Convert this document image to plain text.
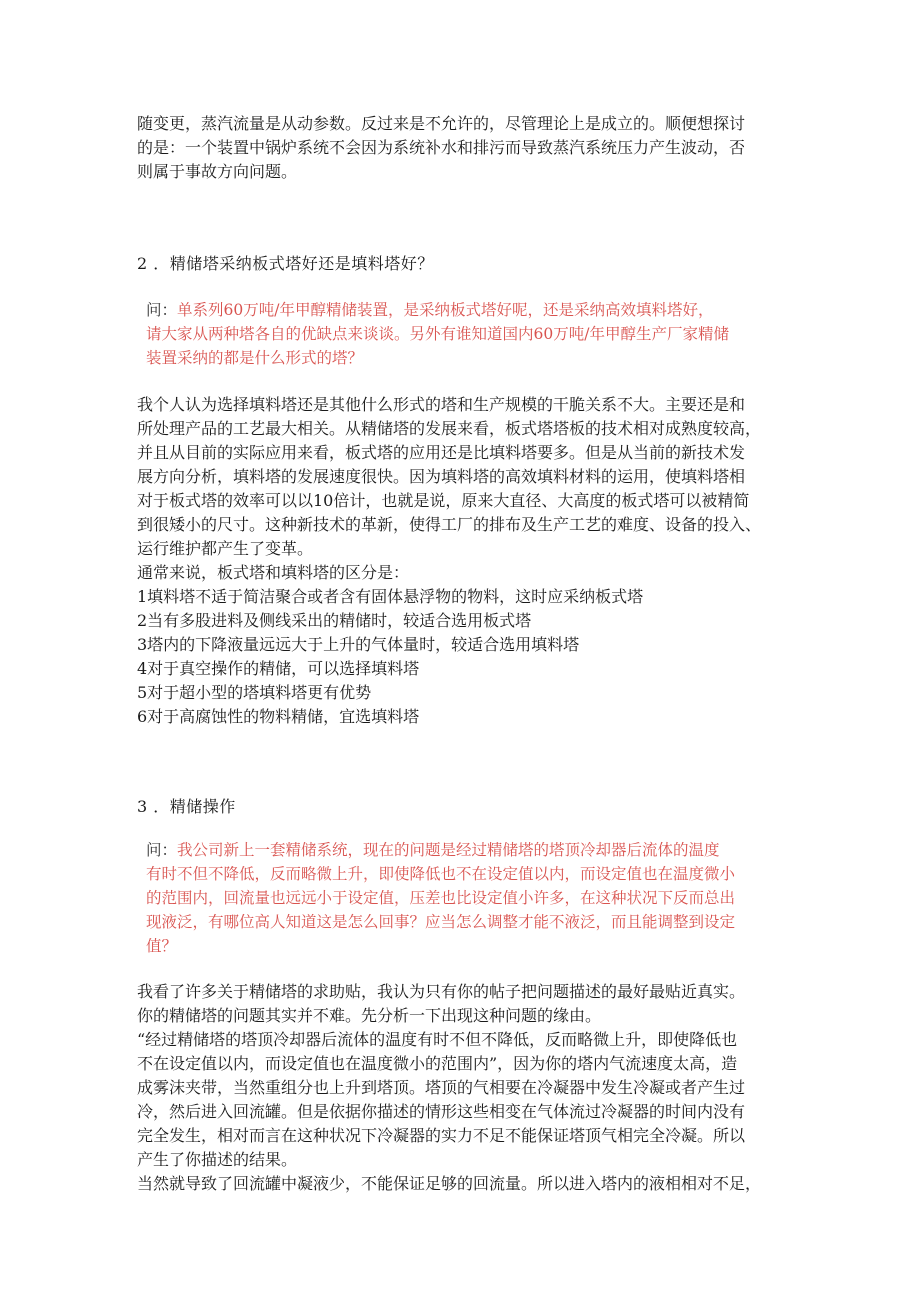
随变更，蒸汽流量是从动参数。反过来是不允许的，尽管理论上是成立的。顺便想探讨
的是：一个装置中锅炉系统不会因为系统补水和排污而导致蒸汽系统压力产生波动，否
则属于事故方向问题。
2 ．精储塔采纳板式塔好还是填料塔好？
问：单系列60万吨/年甲醇精储装置，是采纳板式塔好呢，还是采纳高效填料塔好，
请大家从两种塔各自的优缺点来谈谈。另外有谁知道国内60万吨/年甲醇生产厂家精储
装置采纳的都是什么形式的塔？
我个人认为选择填料塔还是其他什么形式的塔和生产规模的干脆关系不大。主要还是和
所处理产品的工艺最大相关。从精储塔的发展来看，板式塔塔板的技术相对成熟度较高，
并且从目前的实际应用来看，板式塔的应用还是比填料塔要多。但是从当前的新技术发
展方向分析，填料塔的发展速度很快。因为填料塔的高效填料材料的运用，使填料塔相
对于板式塔的效率可以以10倍计，也就是说，原来大直径、大高度的板式塔可以被精简
到很矮小的尺寸。这种新技术的革新，使得工厂的排布及生产工艺的难度、设备的投入、
运行维护都产生了变革。
通常来说，板式塔和填料塔的区分是：
1填料塔不适于简洁聚合或者含有固体悬浮物的物料，这时应采纳板式塔
2当有多股进料及侧线采出的精储时，较适合选用板式塔
3塔内的下降液量远远大于上升的气体量时，较适合选用填料塔
4对于真空操作的精储，可以选择填料塔
5对于超小型的塔填料塔更有优势
6对于高腐蚀性的物料精储，宜选填料塔
3 ．精储操作
问：我公司新上一套精储系统，现在的问题是经过精储塔的塔顶冷却器后流体的温度
有时不但不降低，反而略微上升，即使降低也不在设定值以内，而设定值也在温度微小
的范围内，回流量也远远小于设定值，压差也比设定值小许多，在这种状况下反而总出
现液泛，有哪位高人知道这是怎么回事？应当怎么调整才能不液泛，而且能调整到设定
值？
我看了许多关于精储塔的求助贴，我认为只有你的帖子把问题描述的最好最贴近真实。
你的精储塔的问题其实并不难。先分析一下出现这种问题的缘由。
“经过精储塔的塔顶冷却器后流体的温度有时不但不降低，反而略微上升，即使降低也
不在设定值以内，而设定值也在温度微小的范围内”，因为你的塔内气流速度太高，造
成雾沫夹带，当然重组分也上升到塔顶。塔顶的气相要在冷凝器中发生冷凝或者产生过
冷，然后进入回流罐。但是依据你描述的情形这些相变在气体流过冷凝器的时间内没有
完全发生，相对而言在这种状况下冷凝器的实力不足不能保证塔顶气相完全冷凝。所以
产生了你描述的结果。
当然就导致了回流罐中凝液少，不能保证足够的回流量。所以进入塔内的液相相对不足，
